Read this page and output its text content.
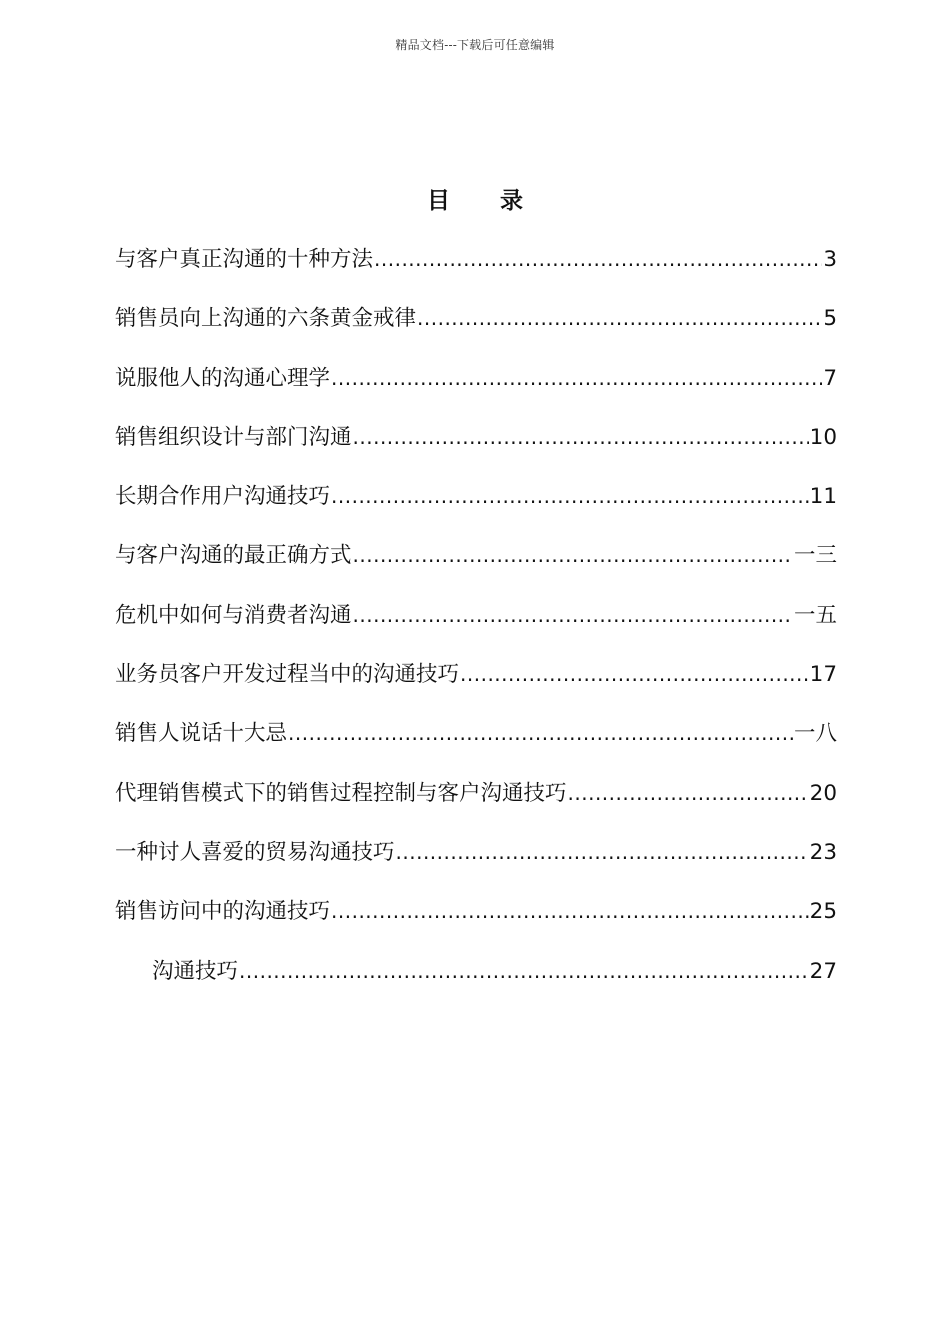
精品文档---下载后可任意编辑
目录
与客户真正沟通的十种方法 .....	3
销售员向上沟通的六条黄金戒律 .....	5
说服他人的沟通心理学 .....	7
销售组织设计与部门沟通 .....	10
长期合作用户沟通技巧 .....	11
与客户沟通的最正确方式 .....	一三
危机中如何与消费者沟通 .....	一五
业务员客户开发过程当中的沟通技巧 .....	17
销售人说话十大忌 .....	一八
代理销售模式下的销售过程控制与客户沟通技巧 .....	20
一种讨人喜爱的贸易沟通技巧 .....	23
销售访问中的沟通技巧 .....	25
沟通技巧 .....	27
